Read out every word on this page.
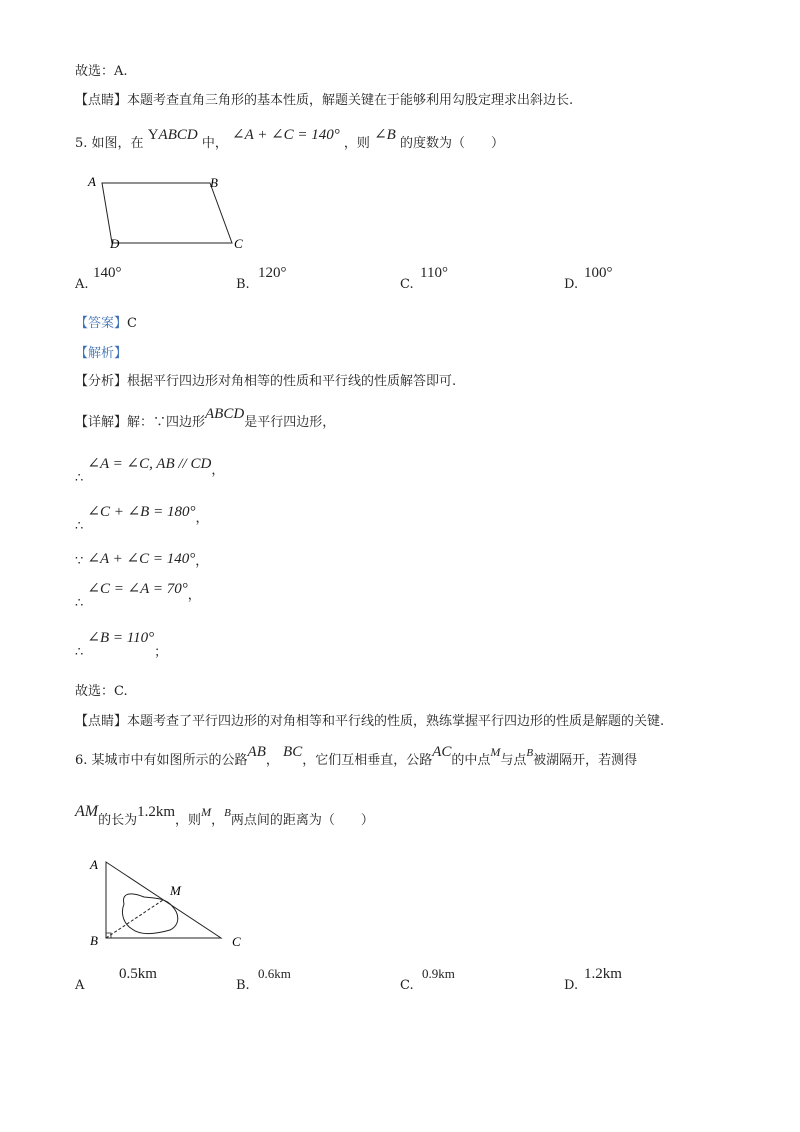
故选：A.
【点睛】本题考查直角三角形的基本性质，解题关键在于能够利用勾股定理求出斜边长.
5. 如图，在 YABCD 中， ∠A + ∠C = 140° ，则 ∠B 的度数为（　　）
A	B
C
D
A.
140°
B.
120°
C.
110°
D.
100°
【答案】C
【解析】
【分析】根据平行四边形对角相等的性质和平行线的性质解答即可.
【详解】解：∵四边形ABCD是平行四边形，
∴ ∠A = ∠C, AB // CD，
∴ ∠C + ∠B = 180°，
∵ ∠A + ∠C = 140°，
∴ ∠C = ∠A = 70°，
∴ ∠B = 110°；
故选：C.
【点睛】本题考查了平行四边形的对角相等和平行线的性质，熟练掌握平行四边形的性质是解题的关键.
6. 某城市中有如图所示的公路AB， BC，它们互相垂直，公路AC的中点M与点$^B$被湖隔开，若测得
AM的长为1.2km，则M，$^B$两点间的距离为（　　）
A
B	C
M
A
0.5km
B.
0.6km
C.
0.9km
D.
1.2km
